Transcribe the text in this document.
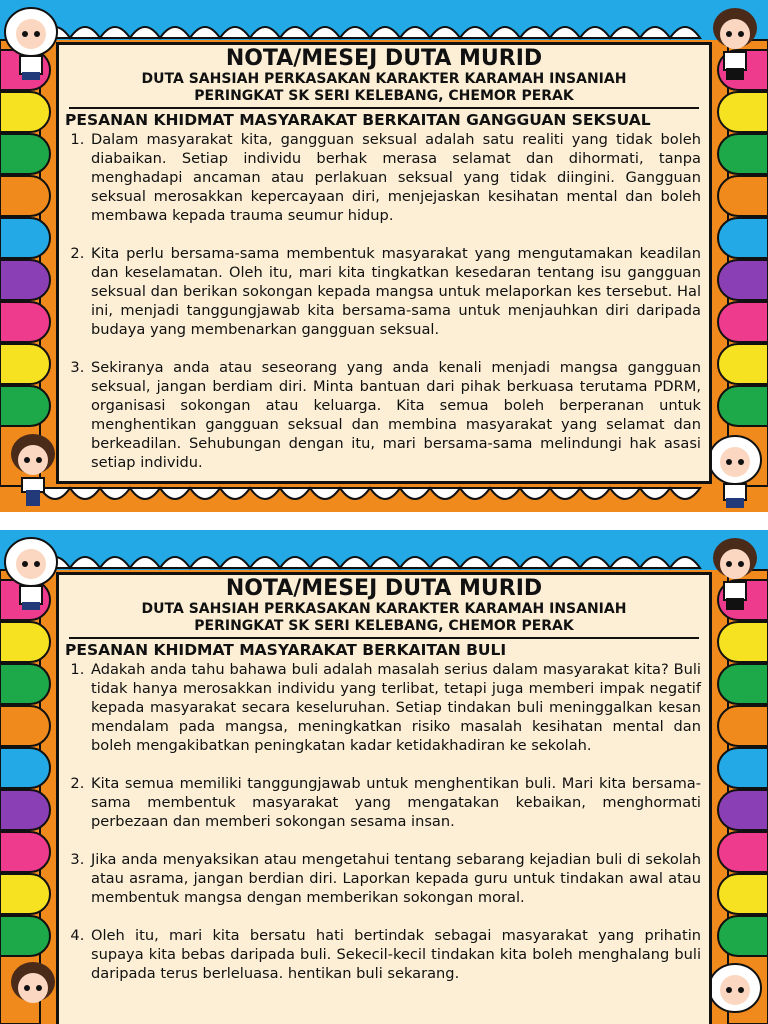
NOTA/MESEJ DUTA MURID
DUTA SAHSIAH PERKASAKAN KARAKTER KARAMAH INSANIAH
PERINGKAT SK SERI KELEBANG, CHEMOR PERAK
PESANAN KHIDMAT MASYARAKAT BERKAITAN GANGGUAN SEKSUAL
1. Dalam masyarakat kita, gangguan seksual adalah satu realiti yang tidak boleh diabaikan. Setiap individu berhak merasa selamat dan dihormati, tanpa menghadapi ancaman atau perlakuan seksual yang tidak diingini. Gangguan seksual merosakkan kepercayaan diri, menjejaskan kesihatan mental dan boleh membawa kepada trauma seumur hidup.
2. Kita perlu bersama-sama membentuk masyarakat yang mengutamakan keadilan dan keselamatan. Oleh itu, mari kita tingkatkan kesedaran tentang isu gangguan seksual dan berikan sokongan kepada mangsa untuk melaporkan kes tersebut. Hal ini, menjadi tanggungjawab kita bersama-sama untuk menjauhkan diri daripada budaya yang membenarkan gangguan seksual.
3. Sekiranya anda atau seseorang yang anda kenali menjadi mangsa gangguan seksual, jangan berdiam diri. Minta bantuan dari pihak berkuasa terutama PDRM, organisasi sokongan atau keluarga. Kita semua boleh berperanan untuk menghentikan gangguan seksual dan membina masyarakat yang selamat dan berkeadilan. Sehubungan dengan itu, mari bersama-sama melindungi hak asasi setiap individu.
NOTA/MESEJ DUTA MURID
DUTA SAHSIAH PERKASAKAN KARAKTER KARAMAH INSANIAH
PERINGKAT SK SERI KELEBANG, CHEMOR PERAK
PESANAN KHIDMAT MASYARAKAT BERKAITAN BULI
1. Adakah anda tahu bahawa buli adalah masalah serius dalam masyarakat kita? Buli tidak hanya merosakkan individu yang terlibat, tetapi juga memberi impak negatif kepada masyarakat secara keseluruhan. Setiap tindakan buli meninggalkan kesan mendalam pada mangsa, meningkatkan risiko masalah kesihatan mental dan boleh mengakibatkan peningkatan kadar ketidakhadiran ke sekolah.
2. Kita semua memiliki tanggungjawab untuk menghentikan buli. Mari kita bersama-sama membentuk masyarakat yang mengatakan kebaikan, menghormati perbezaan dan memberi sokongan sesama insan.
3. Jika anda menyaksikan atau mengetahui tentang sebarang kejadian buli di sekolah atau asrama, jangan berdian diri. Laporkan kepada guru untuk tindakan awal atau membentuk mangsa dengan memberikan sokongan moral.
4. Oleh itu, mari kita bersatu hati bertindak sebagai masyarakat yang prihatin supaya kita bebas daripada buli. Sekecil-kecil tindakan kita boleh menghalang buli daripada terus berleluasa. hentikan buli sekarang.
